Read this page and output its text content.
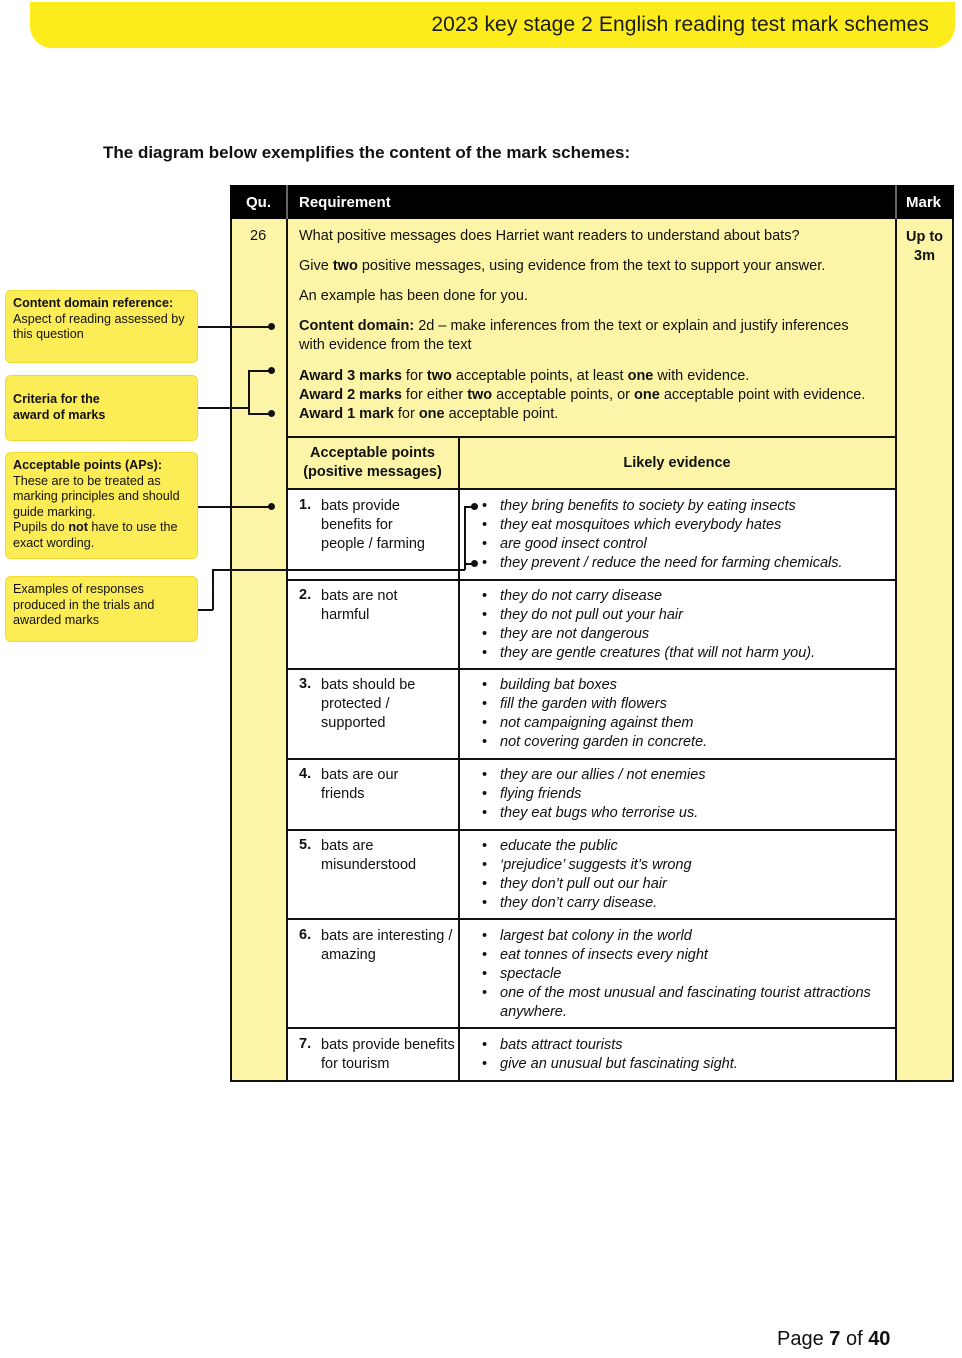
2023 key stage 2 English reading test mark schemes
The diagram below exemplifies the content of the mark schemes:
Qu. Requirement	Mark
26	Up to
3m
What positive messages does Harriet want readers to understand about bats?
Give two positive messages, using evidence from the text to support your answer.
An example has been done for you.
Content domain: 2d – make inferences from the text or explain and justify inferences
with evidence from the text
Award 3 marks for two acceptable points, at least one with evidence.
Award 2 marks for either two acceptable points, or one acceptable point with evidence.
Award 1 mark for one acceptable point.
Acceptable points
(positive messages)
Likely evidence
1. bats provide benefits for people / farming
• they bring benefits to society by eating insects
• they eat mosquitoes which everybody hates
• are good insect control
• they prevent / reduce the need for farming chemicals.
2. bats are not harmful
• they do not carry disease
• they do not pull out your hair
• they are not dangerous
• they are gentle creatures (that will not harm you).
3. bats should be protected / supported
• building bat boxes
• fill the garden with flowers
• not campaigning against them
• not covering garden in concrete.
4. bats are our friends
• they are our allies / not enemies
• flying friends
• they eat bugs who terrorise us.
5. bats are misunderstood
• educate the public
• ‘prejudice’ suggests it’s wrong
• they don’t pull out our hair
• they don’t carry disease.
6. bats are interesting / amazing
• largest bat colony in the world
• eat tonnes of insects every night
• spectacle
• one of the most unusual and fascinating tourist attractions anywhere.
7. bats provide benefits for tourism
• bats attract tourists
• give an unusual but fascinating sight.
Content domain reference:
Aspect of reading assessed by this question
Criteria for the award of marks
Acceptable points (APs):
These are to be treated as marking principles and should guide marking.
Pupils do not have to use the exact wording.
Examples of responses produced in the trials and awarded marks
Page 7 of 40
